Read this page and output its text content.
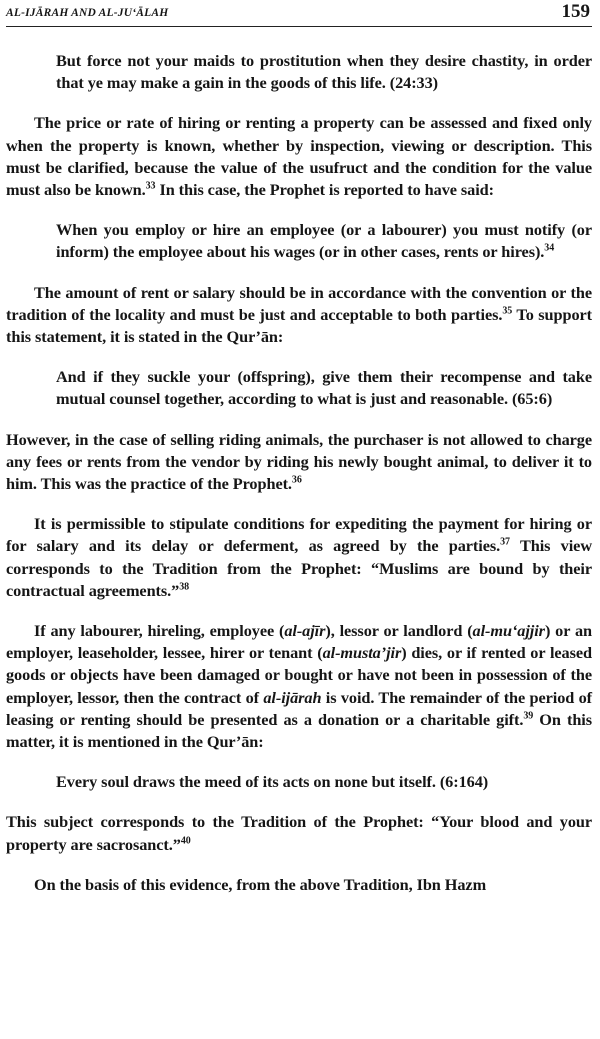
AL-IJĀRAH AND AL-JU‘ĀLAH	159

But force not your maids to prostitution when they desire chastity, in order that ye may make a gain in the goods of this life. (24:33)

The price or rate of hiring or renting a property can be assessed and fixed only when the property is known, whether by inspection, viewing or description. This must be clarified, because the value of the usufruct and the condition for the value must also be known.$^{33}$ In this case, the Prophet is reported to have said:

When you employ or hire an employee (or a labourer) you must notify (or inform) the employee about his wages (or in other cases, rents or hires).$^{34}$

The amount of rent or salary should be in accordance with the convention or the tradition of the locality and must be just and acceptable to both parties.$^{35}$ To support this statement, it is stated in the Qur’ān:

And if they suckle your (offspring), give them their recompense and take mutual counsel together, according to what is just and reasonable. (65:6)

However, in the case of selling riding animals, the purchaser is not allowed to charge any fees or rents from the vendor by riding his newly bought animal, to deliver it to him. This was the practice of the Prophet.$^{36}$

It is permissible to stipulate conditions for expediting the payment for hiring or for salary and its delay or deferment, as agreed by the parties.$^{37}$ This view corresponds to the Tradition from the Prophet: “Muslims are bound by their contractual agreements.”$^{38}$

If any labourer, hireling, employee (al-ajīr), lessor or landlord (al-mu‘ajjir) or an employer, leaseholder, lessee, hirer or tenant (al-musta’jir) dies, or if rented or leased goods or objects have been damaged or bought or have not been in possession of the employer, lessor, then the contract of al-ijārah is void. The remainder of the period of leasing or renting should be presented as a donation or a charitable gift.$^{39}$ On this matter, it is mentioned in the Qur’ān:

Every soul draws the meed of its acts on none but itself. (6:164)

This subject corresponds to the Tradition of the Prophet: “Your blood and your property are sacrosanct.”$^{40}$

On the basis of this evidence, from the above Tradition, Ibn Hazm
